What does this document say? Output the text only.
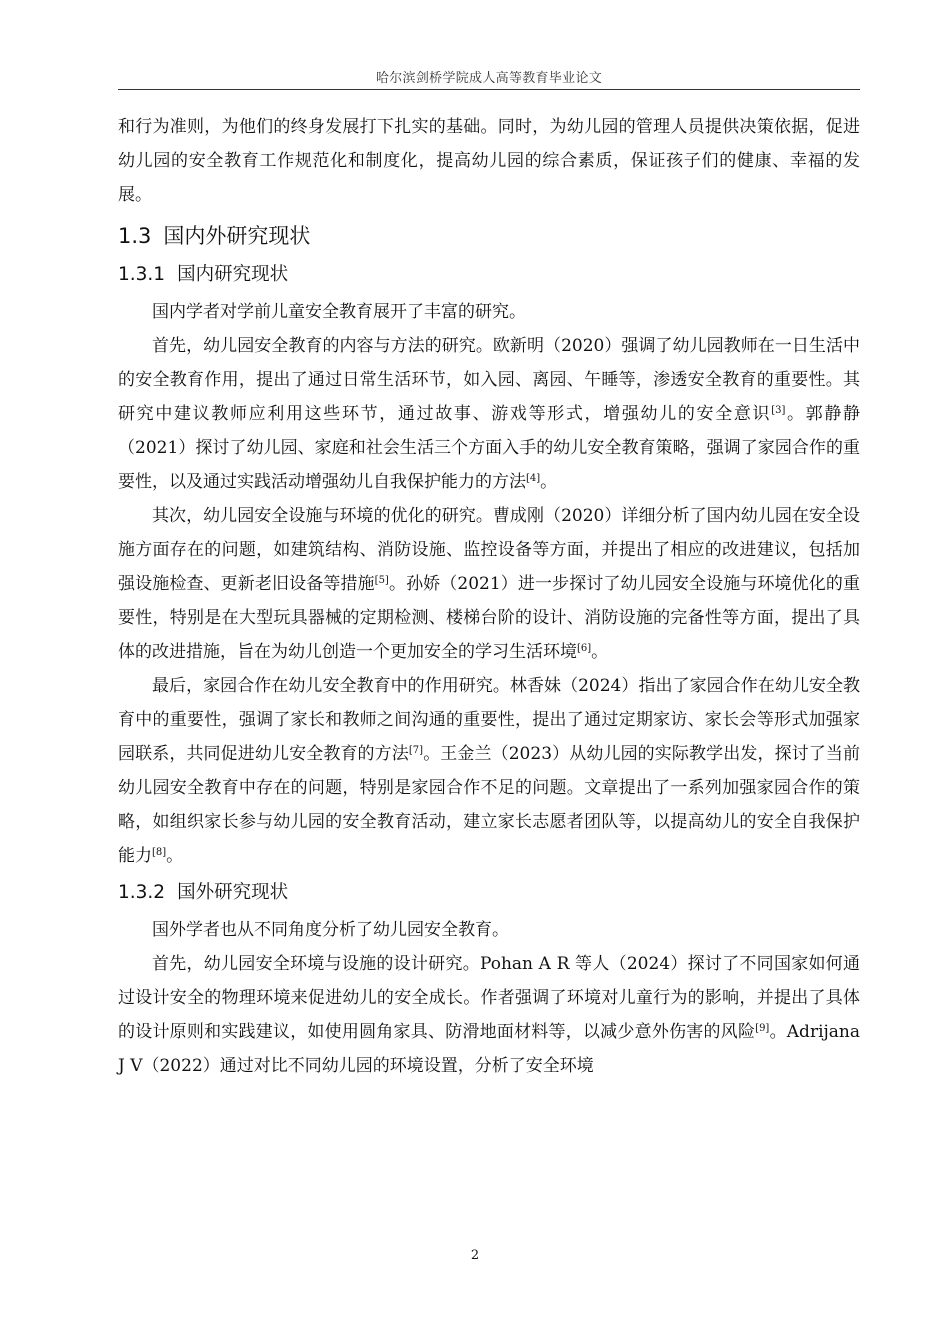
哈尔滨剑桥学院成人高等教育毕业论文

和行为准则，为他们的终身发展打下扎实的基础。同时，为幼儿园的管理人员提供决策依据，促进幼儿园的安全教育工作规范化和制度化，提高幼儿园的综合素质，保证孩子们的健康、幸福的发展。

1.3 国内外研究现状
1.3.1 国内研究现状

国内学者对学前儿童安全教育展开了丰富的研究。

首先，幼儿园安全教育的内容与方法的研究。欧新明（2020）强调了幼儿园教师在一日生活中的安全教育作用，提出了通过日常生活环节，如入园、离园、午睡等，渗透安全教育的重要性。其研究中建议教师应利用这些环节，通过故事、游戏等形式，增强幼儿的安全意识[3]。郭静静（2021）探讨了幼儿园、家庭和社会生活三个方面入手的幼儿安全教育策略，强调了家园合作的重要性，以及通过实践活动增强幼儿自我保护能力的方法[4]。

其次，幼儿园安全设施与环境的优化的研究。曹成刚（2020）详细分析了国内幼儿园在安全设施方面存在的问题，如建筑结构、消防设施、监控设备等方面，并提出了相应的改进建议，包括加强设施检查、更新老旧设备等措施[5]。孙娇（2021）进一步探讨了幼儿园安全设施与环境优化的重要性，特别是在大型玩具器械的定期检测、楼梯台阶的设计、消防设施的完备性等方面，提出了具体的改进措施，旨在为幼儿创造一个更加安全的学习生活环境[6]。

最后，家园合作在幼儿安全教育中的作用研究。林香妹（2024）指出了家园合作在幼儿安全教育中的重要性，强调了家长和教师之间沟通的重要性，提出了通过定期家访、家长会等形式加强家园联系，共同促进幼儿安全教育的方法[7]。王金兰（2023）从幼儿园的实际教学出发，探讨了当前幼儿园安全教育中存在的问题，特别是家园合作不足的问题。文章提出了一系列加强家园合作的策略，如组织家长参与幼儿园的安全教育活动，建立家长志愿者团队等，以提高幼儿的安全自我保护能力[8]。

1.3.2 国外研究现状

国外学者也从不同角度分析了幼儿园安全教育。

首先，幼儿园安全环境与设施的设计研究。Pohan A R 等人（2024）探讨了不同国家如何通过设计安全的物理环境来促进幼儿的安全成长。作者强调了环境对儿童行为的影响，并提出了具体的设计原则和实践建议，如使用圆角家具、防滑地面材料等，以减少意外伤害的风险[9]。Adrijana J V（2022）通过对比不同幼儿园的环境设置，分析了安全环境

2
